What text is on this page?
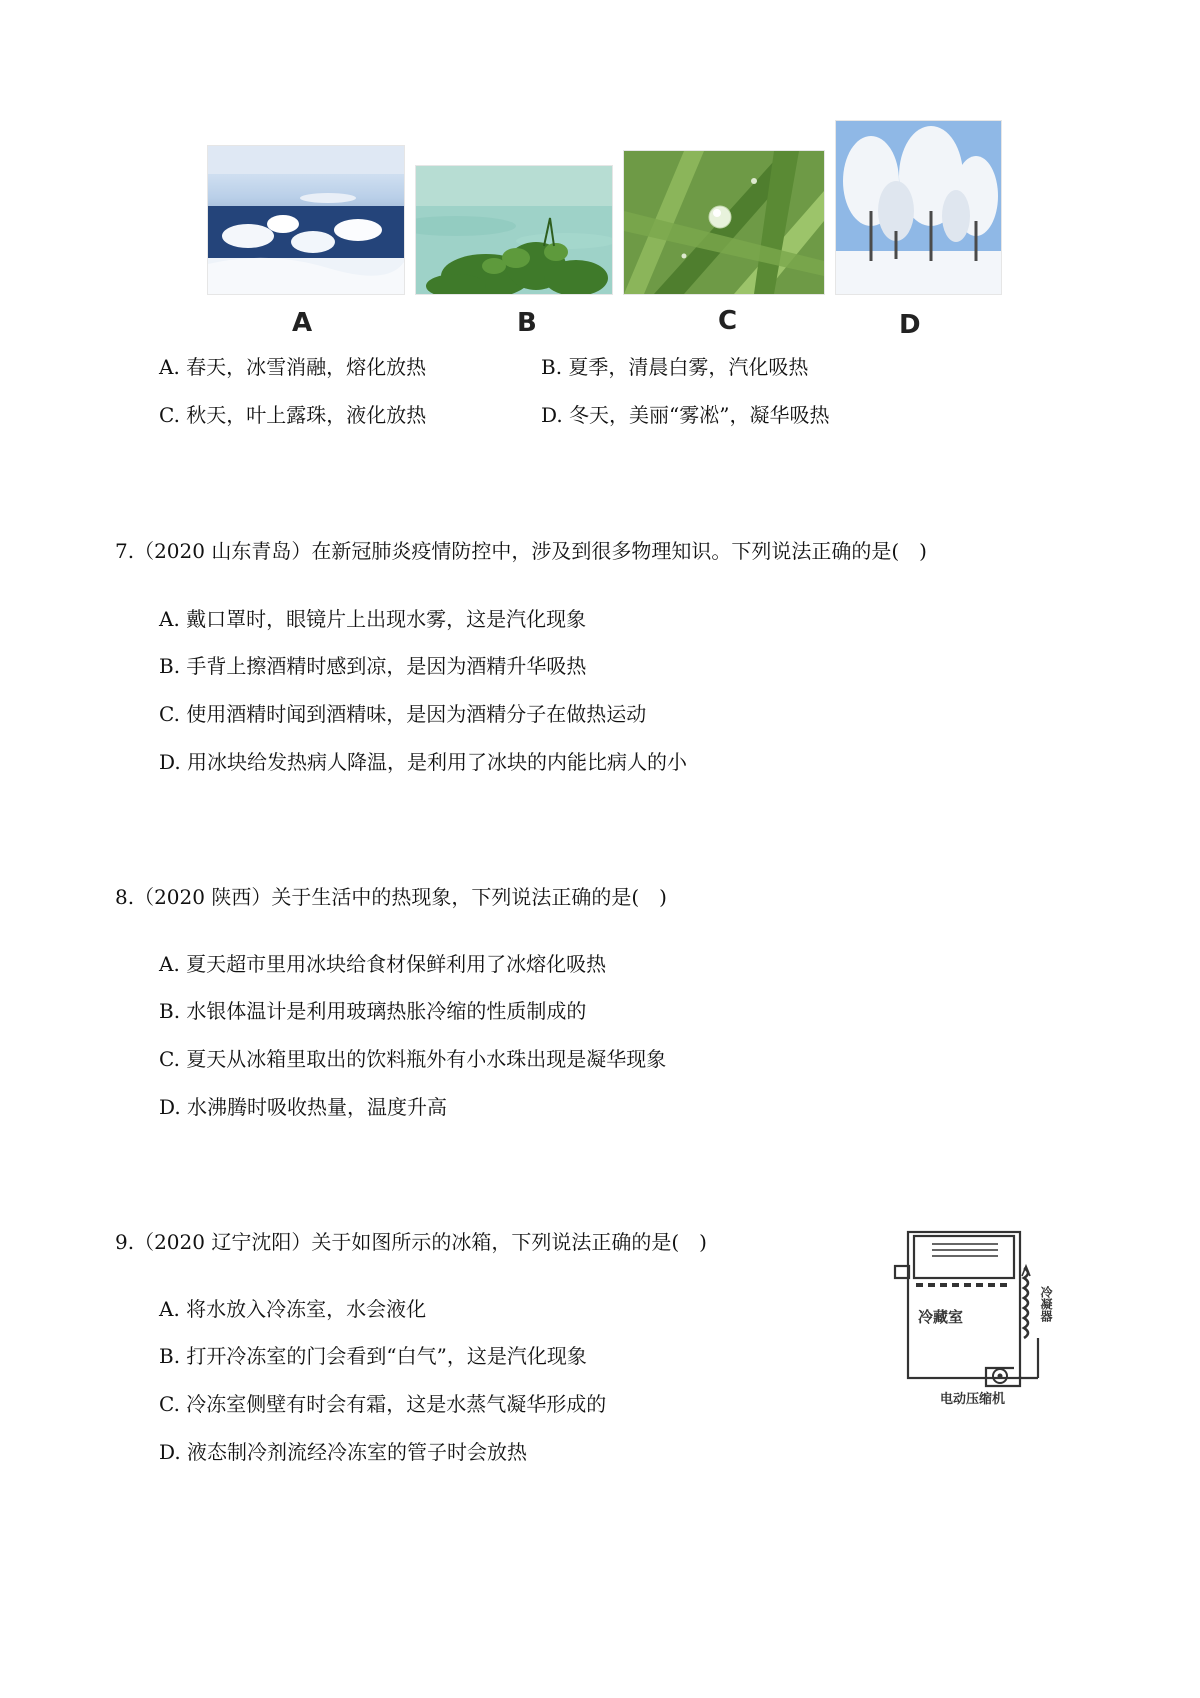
A	B	C	D
A. 春天，冰雪消融，熔化放热	B. 夏季，清晨白雾，汽化吸热
C. 秋天，叶上露珠，液化放热	D. 冬天，美丽“雾凇”，凝华吸热
7.（2020 山东青岛）在新冠肺炎疫情防控中，涉及到很多物理知识。下列说法正确的是(　)
A. 戴口罩时，眼镜片上出现水雾，这是汽化现象
B. 手背上擦酒精时感到凉，是因为酒精升华吸热
C. 使用酒精时闻到酒精味，是因为酒精分子在做热运动
D. 用冰块给发热病人降温，是利用了冰块的内能比病人的小
8.（2020 陕西）关于生活中的热现象，下列说法正确的是(　)
A. 夏天超市里用冰块给食材保鲜利用了冰熔化吸热
B. 水银体温计是利用玻璃热胀冷缩的性质制成的
C. 夏天从冰箱里取出的饮料瓶外有小水珠出现是凝华现象
D. 水沸腾时吸收热量，温度升高
9.（2020 辽宁沈阳）关于如图所示的冰箱，下列说法正确的是(　)
A. 将水放入冷冻室，水会液化
B. 打开冷冻室的门会看到“白气”，这是汽化现象
C. 冷冻室侧壁有时会有霜，这是水蒸气凝华形成的
D. 液态制冷剂流经冷冻室的管子时会放热
冷藏室	冷凝器
电动压缩机
